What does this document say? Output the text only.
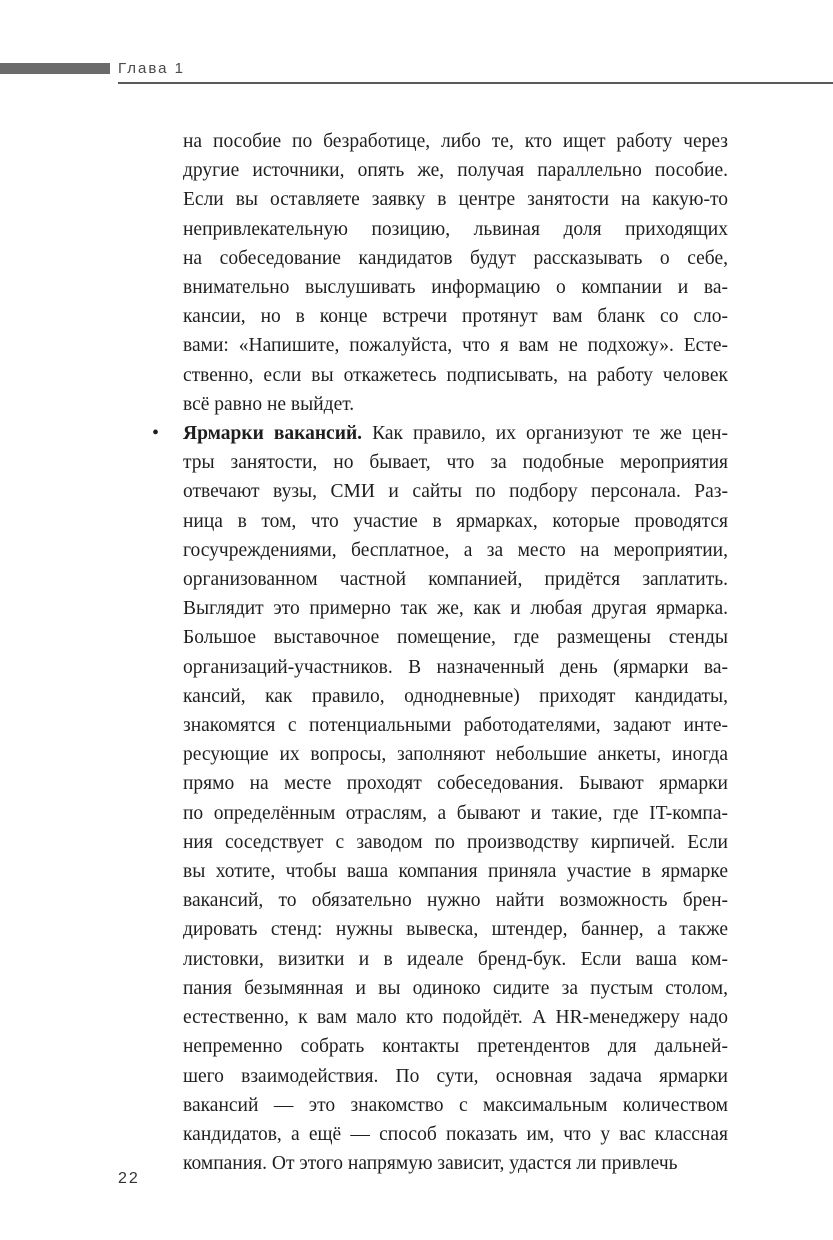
Глава 1
на пособие по безработице, либо те, кто ищет работу через
другие источники, опять же, получая параллельно пособие.
Если вы оставляете заявку в центре занятости на какую-то
непривлекательную позицию, львиная доля приходящих
на собеседование кандидатов будут рассказывать о себе,
внимательно выслушивать информацию о компании и ва-
кансии, но в конце встречи протянут вам бланк со сло-
вами: «Напишите, пожалуйста, что я вам не подхожу». Есте-
ственно, если вы откажетесь подписывать, на работу человек
всё равно не выйдет.
• Ярмарки вакансий. Как правило, их организуют те же цен-
тры занятости, но бывает, что за подобные мероприятия
отвечают вузы, СМИ и сайты по подбору персонала. Раз-
ница в том, что участие в ярмарках, которые проводятся
госучреждениями, бесплатное, а за место на мероприятии,
организованном частной компанией, придётся заплатить.
Выглядит это примерно так же, как и любая другая ярмарка.
Большое выставочное помещение, где размещены стенды
организаций-участников. В назначенный день (ярмарки ва-
кансий, как правило, однодневные) приходят кандидаты,
знакомятся с потенциальными работодателями, задают инте-
ресующие их вопросы, заполняют небольшие анкеты, иногда
прямо на месте проходят собеседования. Бывают ярмарки
по определённым отраслям, а бывают и такие, где IT-компа-
ния соседствует с заводом по производству кирпичей. Если
вы хотите, чтобы ваша компания приняла участие в ярмарке
вакансий, то обязательно нужно найти возможность брен-
дировать стенд: нужны вывеска, штендер, баннер, а также
листовки, визитки и в идеале бренд-бук. Если ваша ком-
пания безымянная и вы одиноко сидите за пустым столом,
естественно, к вам мало кто подойдёт. А HR-менеджеру надо
непременно собрать контакты претендентов для дальней-
шего взаимодействия. По сути, основная задача ярмарки
вакансий — это знакомство с максимальным количеством
кандидатов, а ещё — способ показать им, что у вас классная
компания. От этого напрямую зависит, удастся ли привлечь
22
